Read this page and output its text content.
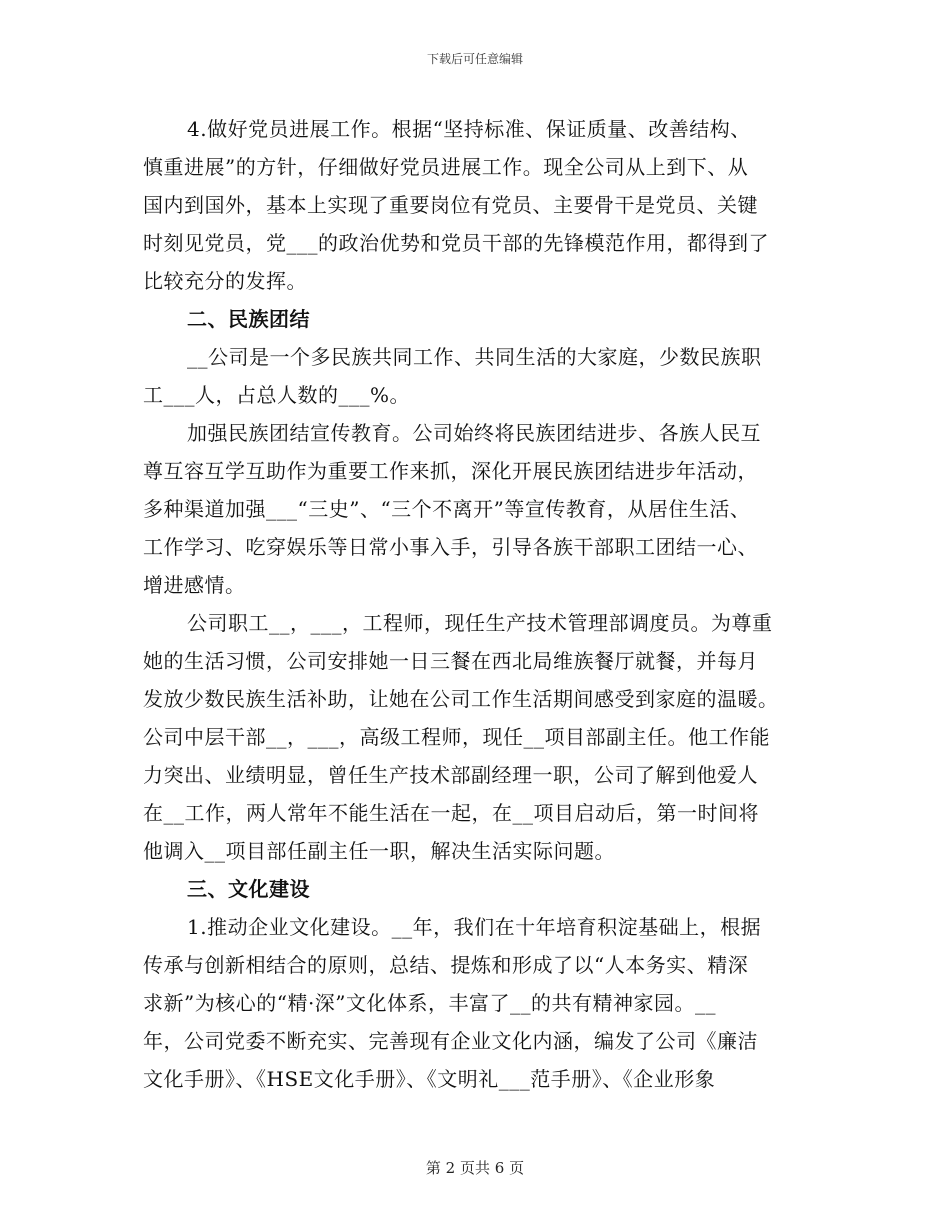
下载后可任意编辑
4.做好党员进展工作。根据“坚持标准、保证质量、改善结构、
慎重进展”的方针，仔细做好党员进展工作。现全公司从上到下、从
国内到国外，基本上实现了重要岗位有党员、主要骨干是党员、关键
时刻见党员，党___的政治优势和党员干部的先锋模范作用，都得到了
比较充分的发挥。
二、民族团结
__公司是一个多民族共同工作、共同生活的大家庭，少数民族职
工___人，占总人数的___%。
加强民族团结宣传教育。公司始终将民族团结进步、各族人民互
尊互容互学互助作为重要工作来抓，深化开展民族团结进步年活动，
多种渠道加强___“三史”、“三个不离开”等宣传教育，从居住生活、
工作学习、吃穿娱乐等日常小事入手，引导各族干部职工团结一心、
增进感情。
公司职工__，___，工程师，现任生产技术管理部调度员。为尊重
她的生活习惯，公司安排她一日三餐在西北局维族餐厅就餐，并每月
发放少数民族生活补助，让她在公司工作生活期间感受到家庭的温暖。
公司中层干部__，___，高级工程师，现任__项目部副主任。他工作能
力突出、业绩明显，曾任生产技术部副经理一职，公司了解到他爱人
在__工作，两人常年不能生活在一起，在__项目启动后，第一时间将
他调入__项目部任副主任一职，解决生活实际问题。
三、文化建设
1.推动企业文化建设。__年，我们在十年培育积淀基础上，根据
传承与创新相结合的原则，总结、提炼和形成了以“人本务实、精深
求新”为核心的“精·深”文化体系，丰富了__的共有精神家园。__
年，公司党委不断充实、完善现有企业文化内涵，编发了公司《廉洁
文化手册》、《HSE文化手册》、《文明礼___范手册》、《企业形象
第 2 页共 6 页
